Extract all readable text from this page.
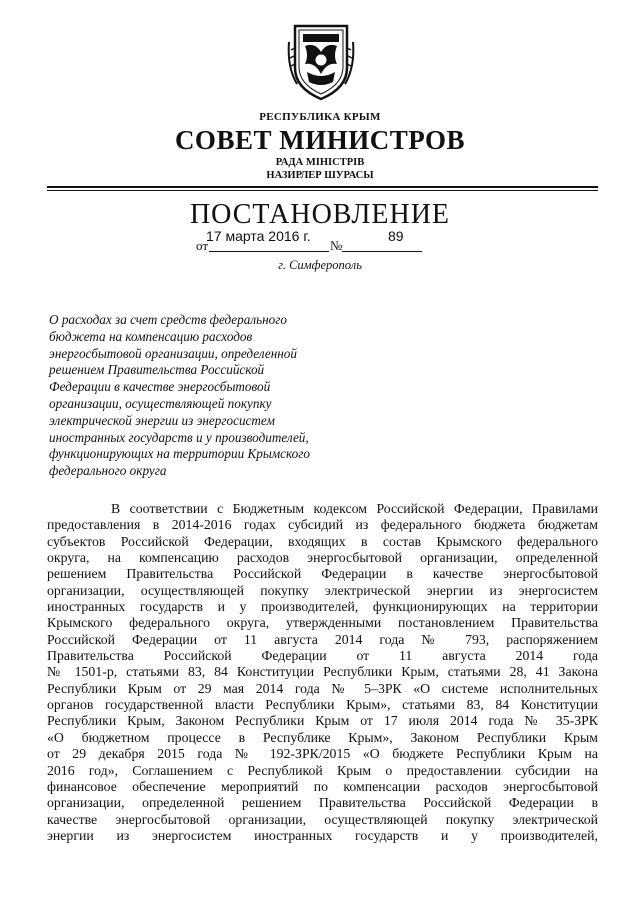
РЕСПУБЛИКА КРЫМ
СОВЕТ МИНИСТРОВ
РАДА МІНІСТРІВ
НАЗИРЛЕР ШУРАСЫ
ПОСТАНОВЛЕНИЕ
от	№
17 марта 2016 г.	89
г. Симферополь
О расходах за счет средств федерального
бюджета на компенсацию расходов
энергосбытовой организации, определенной
решением Правительства Российской
Федерации в качестве энергосбытовой
организации, осуществляющей покупку
электрической энергии из энергосистем
иностранных государств и у производителей,
функционирующих на территории Крымского
федерального округа
В соответствии с Бюджетным кодексом Российской Федерации, Правилами
предоставления в 2014-2016 годах субсидий из федерального бюджета бюджетам
субъектов Российской Федерации, входящих в состав Крымского федерального
округа, на компенсацию расходов энергосбытовой организации, определенной
решением Правительства Российской Федерации в качестве энергосбытовой
организации, осуществляющей покупку электрической энергии из энергосистем
иностранных государств и у производителей, функционирующих на территории
Крымского федерального округа, утвержденными постановлением Правительства
Российской Федерации от 11 августа 2014 года № 793, распоряжением
Правительства Российской Федерации от 11 августа 2014 года
№ 1501-р, статьями 83, 84 Конституции Республики Крым, статьями 28, 41 Закона
Республики Крым от 29 мая 2014 года № 5–3РК «О системе исполнительных
органов государственной власти Республики Крым», статьями 83, 84 Конституции
Республики Крым, Законом Республики Крым от 17 июля 2014 года № 35-ЗРК
«О бюджетном процессе в Республике Крым», Законом Республики Крым
от 29 декабря 2015 года № 192-ЗРК/2015 «О бюджете Республики Крым на
2016 год», Соглашением с Республикой Крым о предоставлении субсидии на
финансовое обеспечение мероприятий по компенсации расходов энергосбытовой
организации, определенной решением Правительства Российской Федерации в
качестве энергосбытовой организации, осуществляющей покупку электрической
энергии из энергосистем иностранных государств и у производителей,
